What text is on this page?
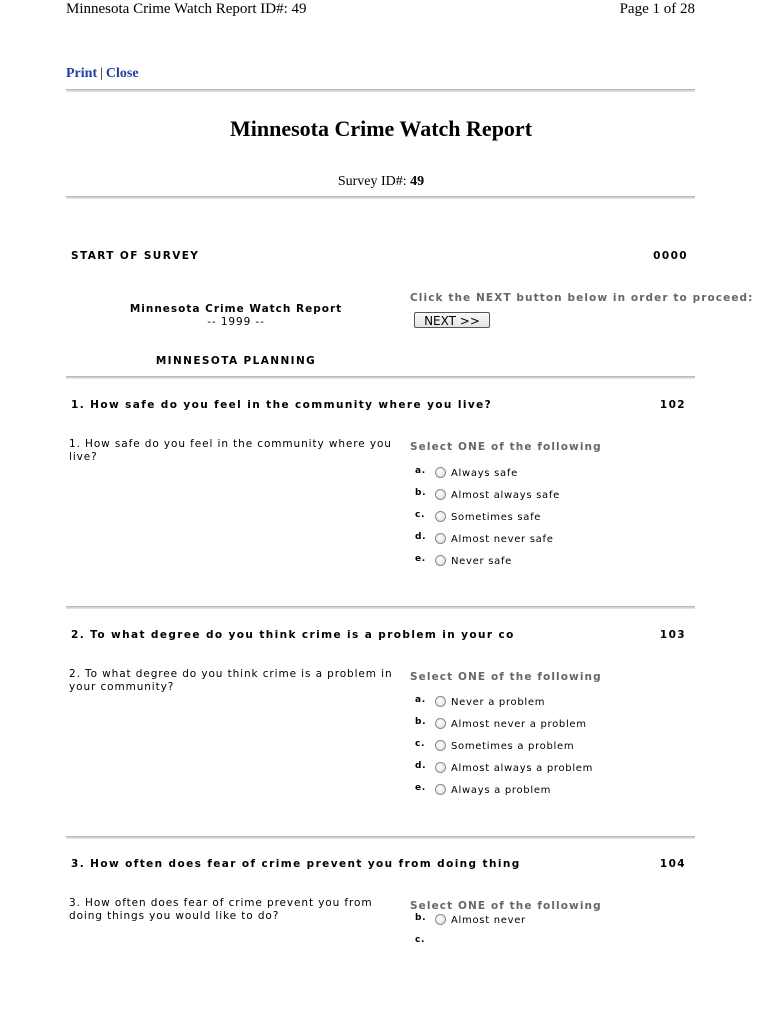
Minnesota Crime Watch Report ID#: 49	Page 1 of 28
Print | Close
Minnesota Crime Watch Report
Survey ID#: 49
START OF SURVEY	0000
Minnesota Crime Watch Report
-- 1999 --
MINNESOTA PLANNING
Click the NEXT button below in order to proceed:
NEXT >>
1. How safe do you feel in the community where you live?	102
1. How safe do you feel in the community where you live?
Select ONE of the following
a.	Always safe
b. Almost always safe
c.	Sometimes safe
d. Almost never safe
e.	Never safe
2. To what degree do you think crime is a problem in your co	103
2. To what degree do you think crime is a problem in your community?
Select ONE of the following
a.	Never a problem
b. Almost never a problem
c.	Sometimes a problem
d. Almost always a problem
e.	Always a problem
3. How often does fear of crime prevent you from doing thing	104
3. How often does fear of crime prevent you from doing things you would like to do?
Select ONE of the following
b. Almost never
c.
